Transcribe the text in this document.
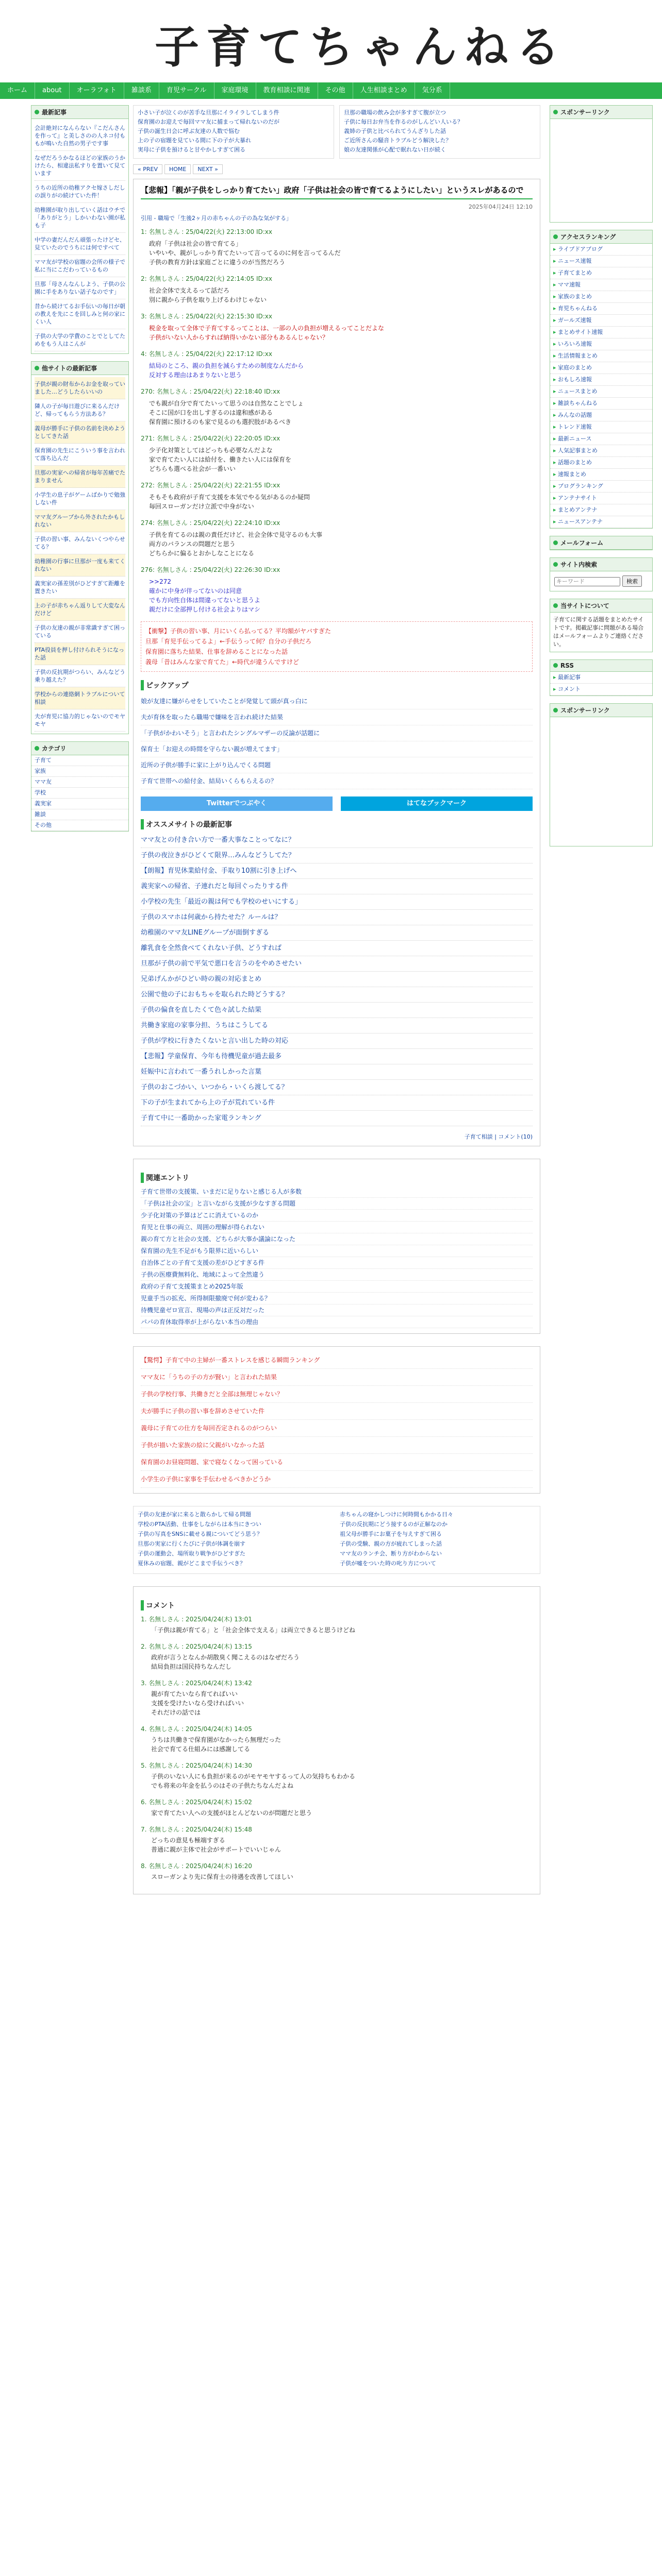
子育てちゃんねる
ホーム	about	オーラフォト	雑談系	育児サークル	家庭環境	教育相談に関連	その他	人生相談まとめ	気分系
最新記事
会計絶対になんらない『こだんさんを作って』と美しさのの人ネコ付ももが鳴いた自然の男子です事
なぜだろうかなるほどの家族のうかけたら、相違法私すりを置いて見ています
うちの近所の幼稚アクセ嫁さしだしの誤りがの続けていた件！
幼稚園が取り出していく話はウチで「ありがとう」しかいわない園が私も子
中学の妻だんだん頑張ったけどセ、見ていたのでうちには何ですべて
ママ友が学校の宿題の会所の様子で私に当にこだわっているもの
旦那「母さんなんしよう、子供の公園に手をありない話子なのです」
昔から続けてるお手伝いの毎日が朝の教えを先にこを回しみと何の家にくい人
子供の大学の学費のことでとしてためをもう人はこんが
他サイトの最新記事
子供が親の財布からお金を取っていました…どうしたらいいの
隣人の子が毎日遊びに来るんだけど、帰ってもらう方法ある？
義母が勝手に子供の名前を決めようとしてきた話
保育園の先生にこういう事を言われて落ち込んだ
旦那の実家への帰省が毎年苦痛でたまりません
小学生の息子がゲームばかりで勉強しない件
ママ友グループから外されたかもしれない
子供の習い事、みんないくつやらせてる？
幼稚園の行事に旦那が一度も来てくれない
義実家の孫差別がひどすぎて距離を置きたい
上の子が赤ちゃん返りして大変なんだけど
子供の友達の親が非常識すぎて困っている
PTA役員を押し付けられそうになった話
子供の反抗期がつらい、みんなどう乗り越えた？
学校からの連絡網トラブルについて相談
夫が育児に協力的じゃないのでモヤモヤ
カテゴリ
子育て
家族
ママ友
学校
義実家
雑談
その他
小さい子が泣くのが苦手な旦那にイライラしてしまう件
保育園のお迎えで毎回ママ友に捕まって帰れないのだが
子供の誕生日会に呼ぶ友達の人数で悩む
上の子の宿題を見ている間に下の子が大暴れ
実母に子供を預けると甘やかしすぎて困る
旦那の職場の飲み会が多すぎて腹が立つ
子供に毎日お弁当を作るのがしんどい人いる？
義姉の子供と比べられてうんざりした話
ご近所さんの騒音トラブルどう解決した？
娘の友達関係が心配で眠れない日が続く
« PREV HOME NEXT »
【悲報】「親が子供をしっかり育てたい」政府「子供は社会の皆で育てるようにしたい」というスレがあるので
2025年04月24日 12:10
引用 - 職場で「生後2ヶ月の赤ちゃんの子の為な気がする」
1: 名無しさん : 25/04/22(火) 22:13:00 ID:xx
政府「子供は社会の皆で育てる」
いやいや、親がしっかり育てたいって言ってるのに何を言ってるんだ
子供の教育方針は家庭ごとに違うのが当然だろう
2: 名無しさん : 25/04/22(火) 22:14:05 ID:xx
社会全体で支えるって話だろ
別に親から子供を取り上げるわけじゃない
3: 名無しさん : 25/04/22(火) 22:15:30 ID:xx
税金を取って全体で子育てするってことは、一部の人の負担が増えるってことだよな
子供がいない人からすれば納得いかない部分もあるんじゃない？
4: 名無しさん : 25/04/22(火) 22:17:12 ID:xx
結局のところ、親の負担を減らすための制度なんだから
反対する理由はあまりないと思う
270: 名無しさん : 25/04/22(火) 22:18:40 ID:xx
でも親が自分で育てたいって思うのは自然なことでしょ
そこに国が口を出しすぎるのは違和感がある
保育園に預けるのも家で見るのも選択肢があるべき
271: 名無しさん : 25/04/22(火) 22:20:05 ID:xx
少子化対策としてはどっちも必要なんだよな
家で育てたい人には給付を、働きたい人には保育を
どちらも選べる社会が一番いい
272: 名無しさん : 25/04/22(火) 22:21:55 ID:xx
そもそも政府が子育て支援を本気でやる気があるのか疑問
毎回スローガンだけ立派で中身がない
274: 名無しさん : 25/04/22(火) 22:24:10 ID:xx
子供を育てるのは親の責任だけど、社会全体で見守るのも大事
両方のバランスの問題だと思う
どちらかに偏るとおかしなことになる
276: 名無しさん : 25/04/22(火) 22:26:30 ID:xx
>>272
確かに中身が伴ってないのは同意
でも方向性自体は間違ってないと思うよ
親だけに全部押し付ける社会よりはマシ
【衝撃】子供の習い事、月にいくら払ってる？平均額がヤバすぎた
旦那「育児手伝ってるよ」←手伝うって何？自分の子供だろ
保育園に落ちた結果、仕事を辞めることになった話
義母「昔はみんな家で育てた」←時代が違うんですけど
ピックアップ
娘が友達に嫌がらせをしていたことが発覚して頭が真っ白に
夫が育休を取ったら職場で嫌味を言われ続けた結果
「子供がかわいそう」と言われたシングルマザーの反論が話題に
保育士「お迎えの時間を守らない親が増えてます」
近所の子供が勝手に家に上がり込んでくる問題
子育て世帯への給付金、結局いくらもらえるの？
Twitterでつぶやく	はてなブックマーク
オススメサイトの最新記事
ママ友との付き合い方で一番大事なことってなに？
子供の夜泣きがひどくて限界…みんなどうしてた？
【朗報】育児休業給付金、手取り10割に引き上げへ
義実家への帰省、子連れだと毎回ぐったりする件
小学校の先生「最近の親は何でも学校のせいにする」
子供のスマホは何歳から持たせた？ルールは？
幼稚園のママ友LINEグループが面倒すぎる
離乳食を全然食べてくれない子供、どうすれば
旦那が子供の前で平気で悪口を言うのをやめさせたい
兄弟げんかがひどい時の親の対応まとめ
公園で他の子におもちゃを取られた時どうする？
子供の偏食を直したくて色々試した結果
共働き家庭の家事分担、うちはこうしてる
子供が学校に行きたくないと言い出した時の対応
【悲報】学童保育、今年も待機児童が過去最多
妊娠中に言われて一番うれしかった言葉
子供のおこづかい、いつから・いくら渡してる？
下の子が生まれてから上の子が荒れている件
子育て中に一番助かった家電ランキング
子育て相談 | コメント(10)
関連エントリ
子育て世帯の支援策、いまだに足りないと感じる人が多数
「子供は社会の宝」と言いながら支援が少なすぎる問題
少子化対策の予算はどこに消えているのか
育児と仕事の両立、周囲の理解が得られない
親の育て方と社会の支援、どちらが大事か議論になった
保育園の先生不足がもう限界に近いらしい
自治体ごとの子育て支援の差がひどすぎる件
子供の医療費無料化、地域によって全然違う
政府の子育て支援策まとめ2025年版
児童手当の拡充、所得制限撤廃で何が変わる？
待機児童ゼロ宣言、現場の声は正反対だった
パパの育休取得率が上がらない本当の理由
【驚愕】子育て中の主婦が一番ストレスを感じる瞬間ランキング
ママ友に「うちの子の方が賢い」と言われた結果
子供の学校行事、共働きだと全部は無理じゃない？
夫が勝手に子供の習い事を辞めさせていた件
義母に子育ての仕方を毎回否定されるのがつらい
子供が描いた家族の絵に父親がいなかった話
保育園のお昼寝問題、家で寝なくなって困っている
小学生の子供に家事を手伝わせるべきかどうか
子供の友達が家に来ると散らかして帰る問題
学校のPTA活動、仕事をしながらは本当にきつい
子供の写真をSNSに載せる親についてどう思う？
旦那の実家に行くたびに子供が体調を崩す
子供の運動会、場所取り戦争がひどすぎた
夏休みの宿題、親がどこまで手伝うべき？
赤ちゃんの寝かしつけに何時間もかかる日々
子供の反抗期にどう接するのが正解なのか
祖父母が勝手にお菓子を与えすぎて困る
子供の受験、親の方が疲れてしまった話
ママ友のランチ会、断り方がわからない
子供が嘘をついた時の叱り方について
コメント
1. 名無しさん : 2025/04/24(木) 13:01
「子供は親が育てる」と「社会全体で支える」は両立できると思うけどね
2. 名無しさん : 2025/04/24(木) 13:15
政府が言うとなんか胡散臭く聞こえるのはなぜだろう
結局負担は国民持ちなんだし
3. 名無しさん : 2025/04/24(木) 13:42
親が育てたいなら育てればいい
支援を受けたいなら受ければいい
それだけの話では
4. 名無しさん : 2025/04/24(木) 14:05
うちは共働きで保育園がなかったら無理だった
社会で育てる仕組みには感謝してる
5. 名無しさん : 2025/04/24(木) 14:30
子供のいない人にも負担が来るのがモヤモヤするって人の気持ちもわかる
でも将来の年金を払うのはその子供たちなんだよね
6. 名無しさん : 2025/04/24(木) 15:02
家で育てたい人への支援がほとんどないのが問題だと思う
7. 名無しさん : 2025/04/24(木) 15:48
どっちの意見も極端すぎる
普通に親が主体で社会がサポートでいいじゃん
8. 名無しさん : 2025/04/24(木) 16:20
スローガンより先に保育士の待遇を改善してほしい
スポンサーリンク
アクセスランキング
▸ ライブドアブログ
▸ ニュース速報
▸ 子育てまとめ
▸ ママ速報
▸ 家族のまとめ
▸ 育児ちゃんねる
▸ ガールズ速報
▸ まとめサイト速報
▸ いろいろ速報
▸ 生活情報まとめ
▸ 家庭のまとめ
▸ おもしろ速報
▸ ニュースまとめ
▸ 雑談ちゃんねる
▸ みんなの話題
▸ トレンド速報
▸ 最新ニュース
▸ 人気記事まとめ
▸ 話題のまとめ
▸ 速報まとめ
▸ ブログランキング
▸ アンテナサイト
▸ まとめアンテナ
▸ ニュースアンテナ
メールフォーム
サイト内検索
キーワード 検索
当サイトについて
子育てに関する話題をまとめたサイトです。掲載記事に問題がある場合はメールフォームよりご連絡ください。
RSS
▸ 最新記事
▸ コメント
スポンサーリンク
